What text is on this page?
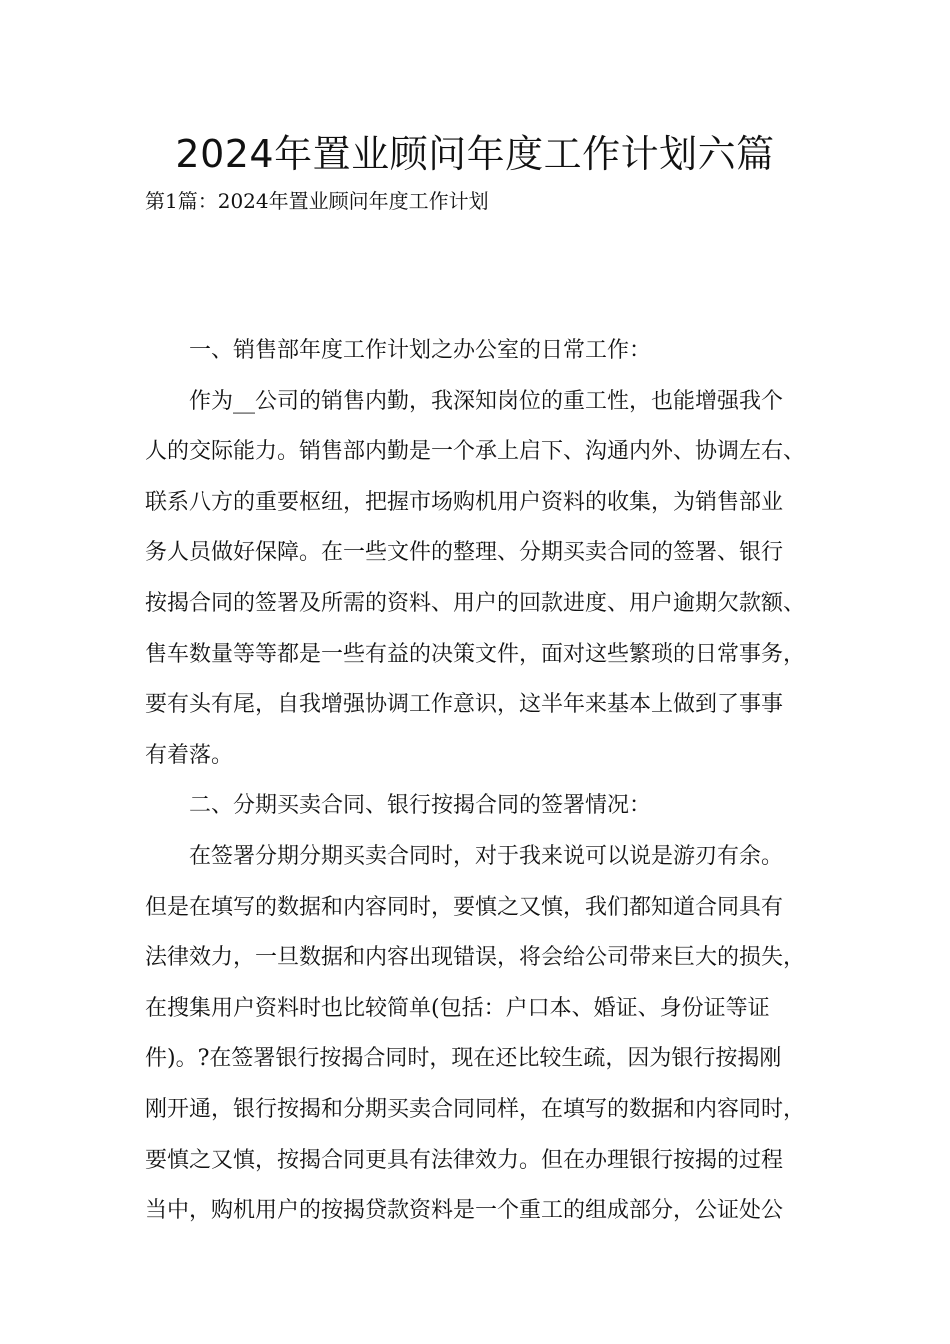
2024年置业顾问年度工作计划六篇
第1篇：2024年置业顾问年度工作计划
一、销售部年度工作计划之办公室的日常工作：
作为__公司的销售内勤，我深知岗位的重工性，也能增强我个
人的交际能力。销售部内勤是一个承上启下、沟通内外、协调左右、
联系八方的重要枢纽，把握市场购机用户资料的收集，为销售部业
务人员做好保障。在一些文件的整理、分期买卖合同的签署、银行
按揭合同的签署及所需的资料、用户的回款进度、用户逾期欠款额、
售车数量等等都是一些有益的决策文件，面对这些繁琐的日常事务，
要有头有尾，自我增强协调工作意识，这半年来基本上做到了事事
有着落。
二、分期买卖合同、银行按揭合同的签署情况：
在签署分期分期买卖合同时，对于我来说可以说是游刃有余。
但是在填写的数据和内容同时，要慎之又慎，我们都知道合同具有
法律效力，一旦数据和内容出现错误，将会给公司带来巨大的损失，
在搜集用户资料时也比较简单(包括：户口本、婚证、身份证等证
件)。?在签署银行按揭合同时，现在还比较生疏，因为银行按揭刚
刚开通，银行按揭和分期买卖合同同样，在填写的数据和内容同时，
要慎之又慎，按揭合同更具有法律效力。但在办理银行按揭的过程
当中，购机用户的按揭贷款资料是一个重工的组成部分，公证处公
